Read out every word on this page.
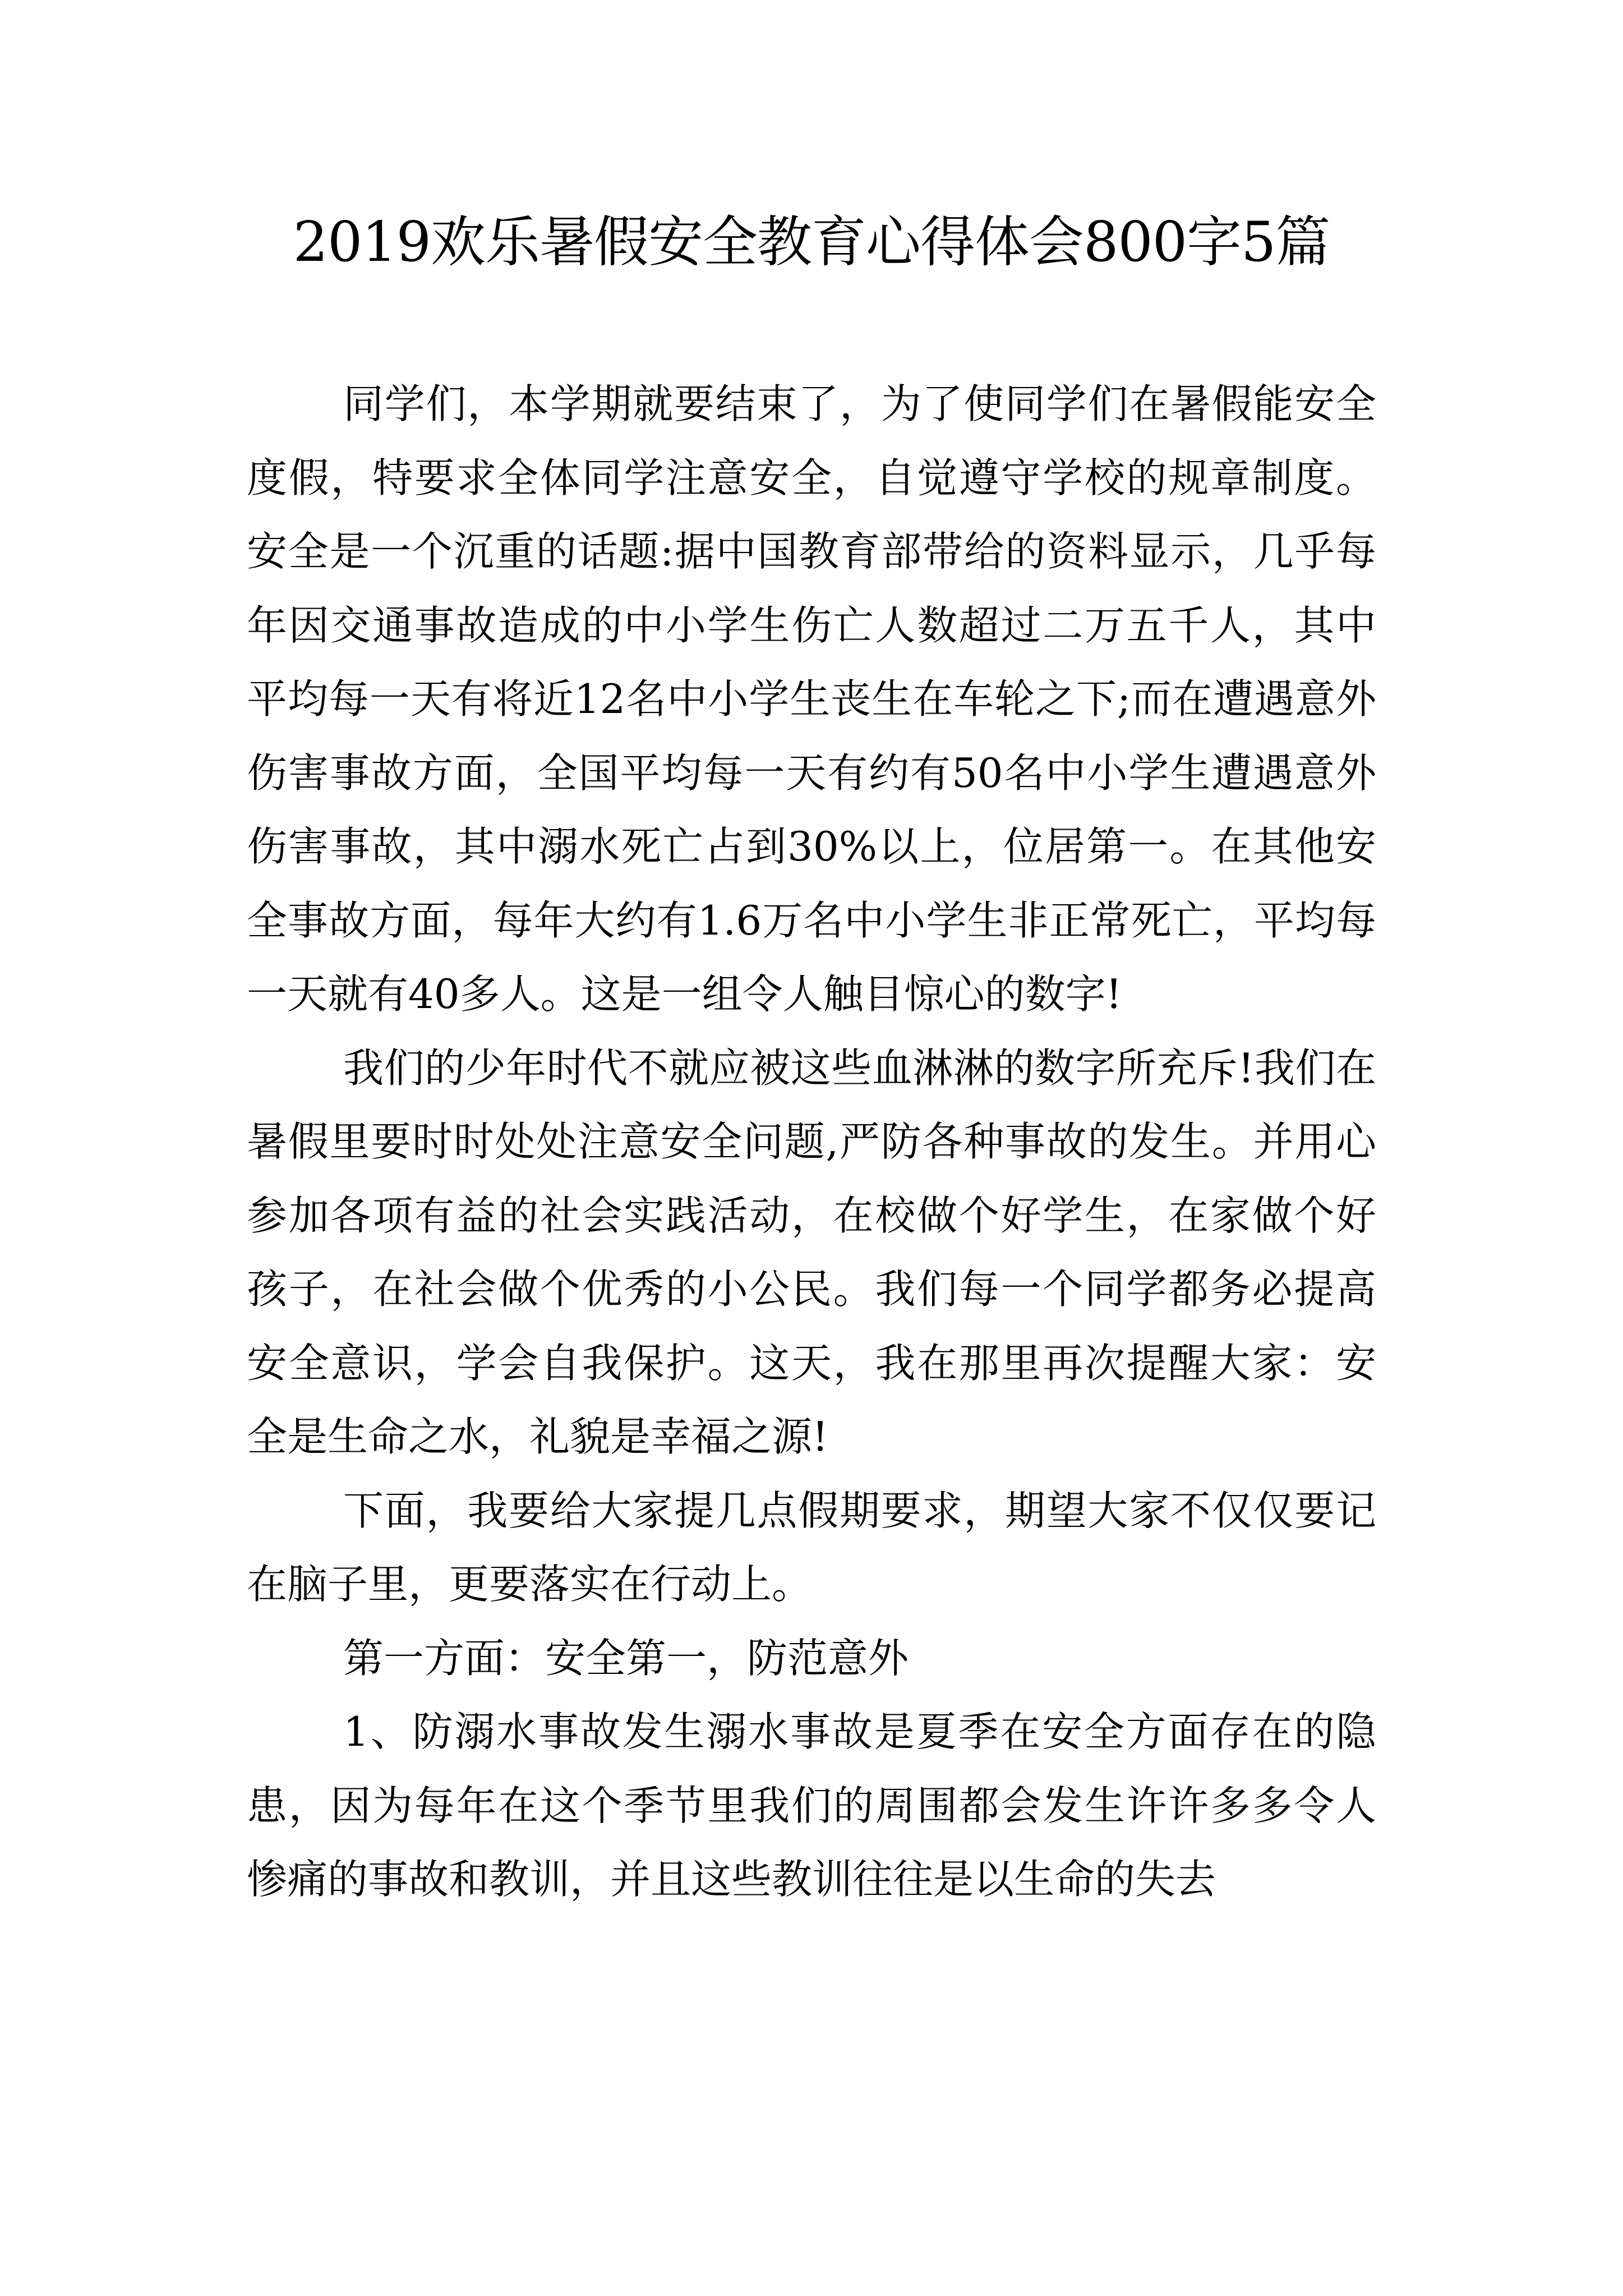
2019欢乐暑假安全教育心得体会800字5篇

同学们，本学期就要结束了，为了使同学们在暑假能安全度假，特要求全体同学注意安全，自觉遵守学校的规章制度。安全是一个沉重的话题:据中国教育部带给的资料显示，几乎每年因交通事故造成的中小学生伤亡人数超过二万五千人，其中平均每一天有将近12名中小学生丧生在车轮之下;而在遭遇意外伤害事故方面，全国平均每一天有约有50名中小学生遭遇意外伤害事故，其中溺水死亡占到30%以上，位居第一。在其他安全事故方面，每年大约有1.6万名中小学生非正常死亡，平均每一天就有40多人。这是一组令人触目惊心的数字!

我们的少年时代不就应被这些血淋淋的数字所充斥!我们在暑假里要时时处处注意安全问题,严防各种事故的发生。并用心参加各项有益的社会实践活动，在校做个好学生，在家做个好孩子，在社会做个优秀的小公民。我们每一个同学都务必提高安全意识，学会自我保护。这天，我在那里再次提醒大家：安全是生命之水，礼貌是幸福之源!

下面，我要给大家提几点假期要求，期望大家不仅仅要记在脑子里，更要落实在行动上。

第一方面：安全第一，防范意外

1、防溺水事故发生溺水事故是夏季在安全方面存在的隐患，因为每年在这个季节里我们的周围都会发生许许多多令人惨痛的事故和教训，并且这些教训往往是以生命的失去
